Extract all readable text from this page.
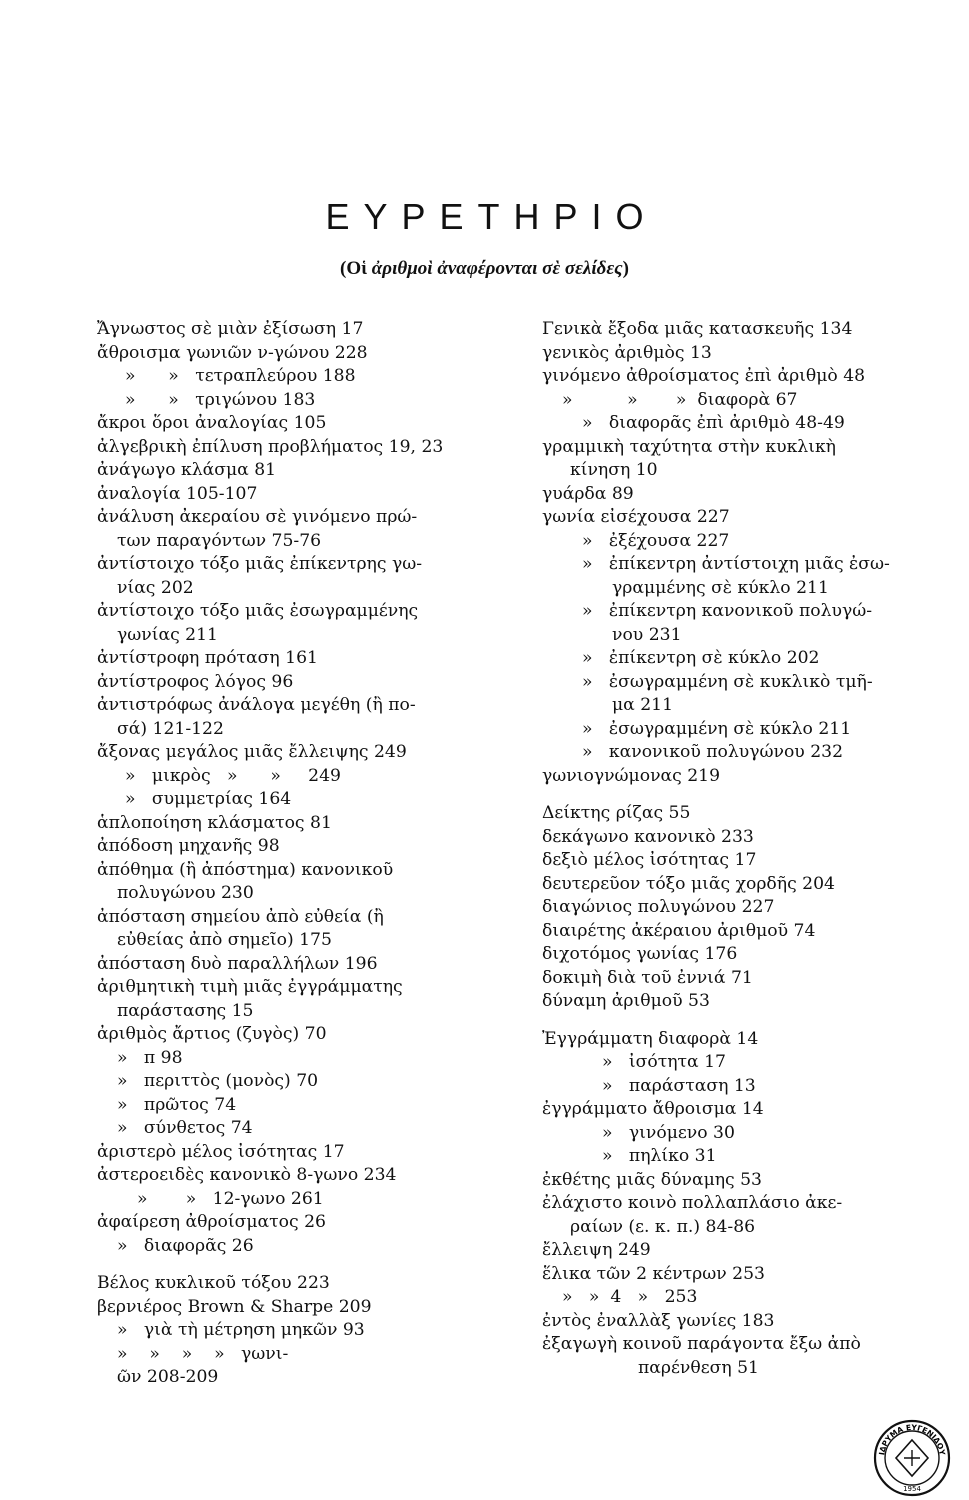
ΕΥΡΕΤΗΡΙΟ
(Οἱ ἀριθμοὶ ἀναφέρονται σὲ σελίδες)

Ἄγνωστος σὲ μιὰν ἐξίσωση 17

ἄθροισμα γωνιῶν ν-γώνου 228

»      »   τετραπλεύρου 188

»      »   τριγώνου 183

ἄκροι ὅροι ἀναλογίας 105

ἀλγεβρικὴ ἐπίλυση προβλήματος 19, 23

ἀνάγωγο κλάσμα 81

ἀναλογία 105-107

ἀνάλυση ἀκεραίου σὲ γινόμενο πρώ-

των παραγόντων 75-76

ἀντίστοιχο τόξο μιᾶς ἐπίκεντρης γω-

νίας 202

ἀντίστοιχο τόξο μιᾶς ἐσωγραμμένης

γωνίας 211

ἀντίστροφη πρόταση 161

ἀντίστροφος λόγος 96

ἀντιστρόφως ἀνάλογα μεγέθη (ἢ πο-

σά) 121-122

ἄξονας μεγάλος μιᾶς ἔλλειψης 249

»   μικρὸς   »      »     249

»   συμμετρίας 164

ἁπλοποίηση κλάσματος 81

ἀπόδοση μηχανῆς 98

ἀπόθημα (ἢ ἀπόστημα) κανονικοῦ

πολυγώνου 230

ἀπόσταση σημείου ἀπὸ εὐθεία (ἢ

εὐθείας ἀπὸ σημεῖο) 175

ἀπόσταση δυὸ παραλλήλων 196

ἀριθμητικὴ τιμὴ μιᾶς ἐγγράμματης

παράστασης 15

ἀριθμὸς ἄρτιος (ζυγὸς) 70

»   π 98

»   περιττὸς (μονὸς) 70

»   πρῶτος 74

»   σύνθετος 74

ἀριστερὸ μέλος ἰσότητας 17

ἀστεροειδὲς κανονικὸ 8-γωνο 234

»       »   12-γωνο 261

ἀφαίρεση ἀθροίσματος 26

»   διαφορᾶς 26

Βέλος κυκλικοῦ τόξου 223

βερνιέρος Brown & Sharpe 209

»   γιὰ τὴ μέτρηση μηκῶν 93

»    »    »    »   γωνι-

ῶν 208-209

Γενικὰ ἔξοδα μιᾶς κατασκευῆς 134

γενικὸς ἀριθμὸς 13

γινόμενο ἀθροίσματος ἐπὶ ἀριθμὸ 48

»          »       »  διαφορὰ 67

»   διαφορᾶς ἐπὶ ἀριθμὸ 48-49

γραμμικὴ ταχύτητα στὴν κυκλικὴ

κίνηση 10

γυάρδα 89

γωνία εἰσέχουσα 227

»   ἐξέχουσα 227

»   ἐπίκεντρη ἀντίστοιχη μιᾶς ἐσω-

γραμμένης σὲ κύκλο 211

»   ἐπίκεντρη κανονικοῦ πολυγώ-

νου 231

»   ἐπίκεντρη σὲ κύκλο 202

»   ἐσωγραμμένη σὲ κυκλικὸ τμῆ-

μα 211

»   ἐσωγραμμένη σὲ κύκλο 211

»   κανονικοῦ πολυγώνου 232

γωνιογνώμονας 219

Δείκτης ρίζας 55

δεκάγωνο κανονικὸ 233

δεξιὸ μέλος ἰσότητας 17

δευτερεῦον τόξο μιᾶς χορδῆς 204

διαγώνιος πολυγώνου 227

διαιρέτης ἀκέραιου ἀριθμοῦ 74

διχοτόμος γωνίας 176

δοκιμὴ διὰ τοῦ ἐννιά 71

δύναμη ἀριθμοῦ 53

Ἐγγράμματη διαφορὰ 14

»   ἰσότητα 17

»   παράσταση 13

ἐγγράμματο ἄθροισμα 14

»   γινόμενο 30

»   πηλίκο 31

ἐκθέτης μιᾶς δύναμης 53

ἐλάχιστο κοινὸ πολλαπλάσιο ἀκε-

ραίων (ε. κ. π.) 84-86

ἔλλειψη 249

ἕλικα τῶν 2 κέντρων 253

»   »  4   »   253

ἐντὸς ἐναλλὰξ γωνίες 183

ἐξαγωγὴ κοινοῦ παράγοντα ἔξω ἀπὸ

παρένθεση 51

ΙΔΡΥΜΑ ΕΥΓΕΝΙΔΟΥ
1954
